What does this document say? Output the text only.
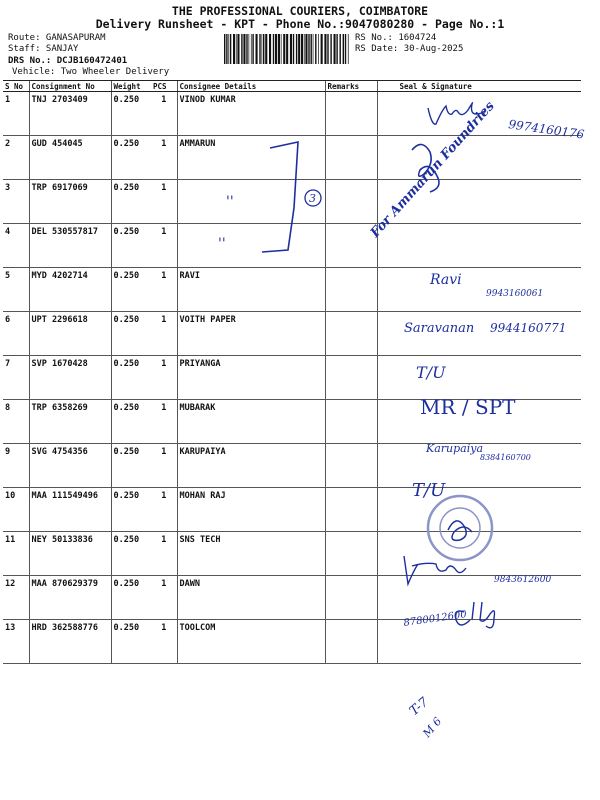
THE PROFESSIONAL COURIERS, COIMBATORE
Delivery Runsheet - KPT - Phone No.:9047080280 - Page No.:1
Route: GANASAPURAM
Staff: SANJAY
DRS No.: DCJB160472401
Vehicle: Two Wheeler Delivery
RS No.: 1604724
RS Date: 30-Aug-2025
S No	Consignment No	Weight	PCS	Consignee Details	Remarks	Seal & Signature
1	TNJ 2703409	0.250	1	VINOD KUMAR		
2	GUD 454045	0.250	1	AMMARUN		
3	TRP 6917069	0.250	1			
4	DEL 530557817	0.250	1			
5	MYD 4202714	0.250	1	RAVI		
6	UPT 2296618	0.250	1	VOITH PAPER		
7	SVP 1670428	0.250	1	PRIYANGA		
8	TRP 6358269	0.250	1	MUBARAK		
9	SVG 4754356	0.250	1	KARUPAIYA		
10	MAA 111549496	0.250	1	MOHAN RAJ		
11	NEY 50133836	0.250	1	SNS TECH		
12	MAA 870629379	0.250	1	DAWN		
13	HRD 362588776	0.250	1	TOOLCOM		
9974160176
3
''
''
For Ammarun Foundries
Ravi
9943160061
Saravanan 9944160771
T/U
MR / SPT
Karupaiya
8384160700
T/U
9843612600
8780012600
T-7
M 6
